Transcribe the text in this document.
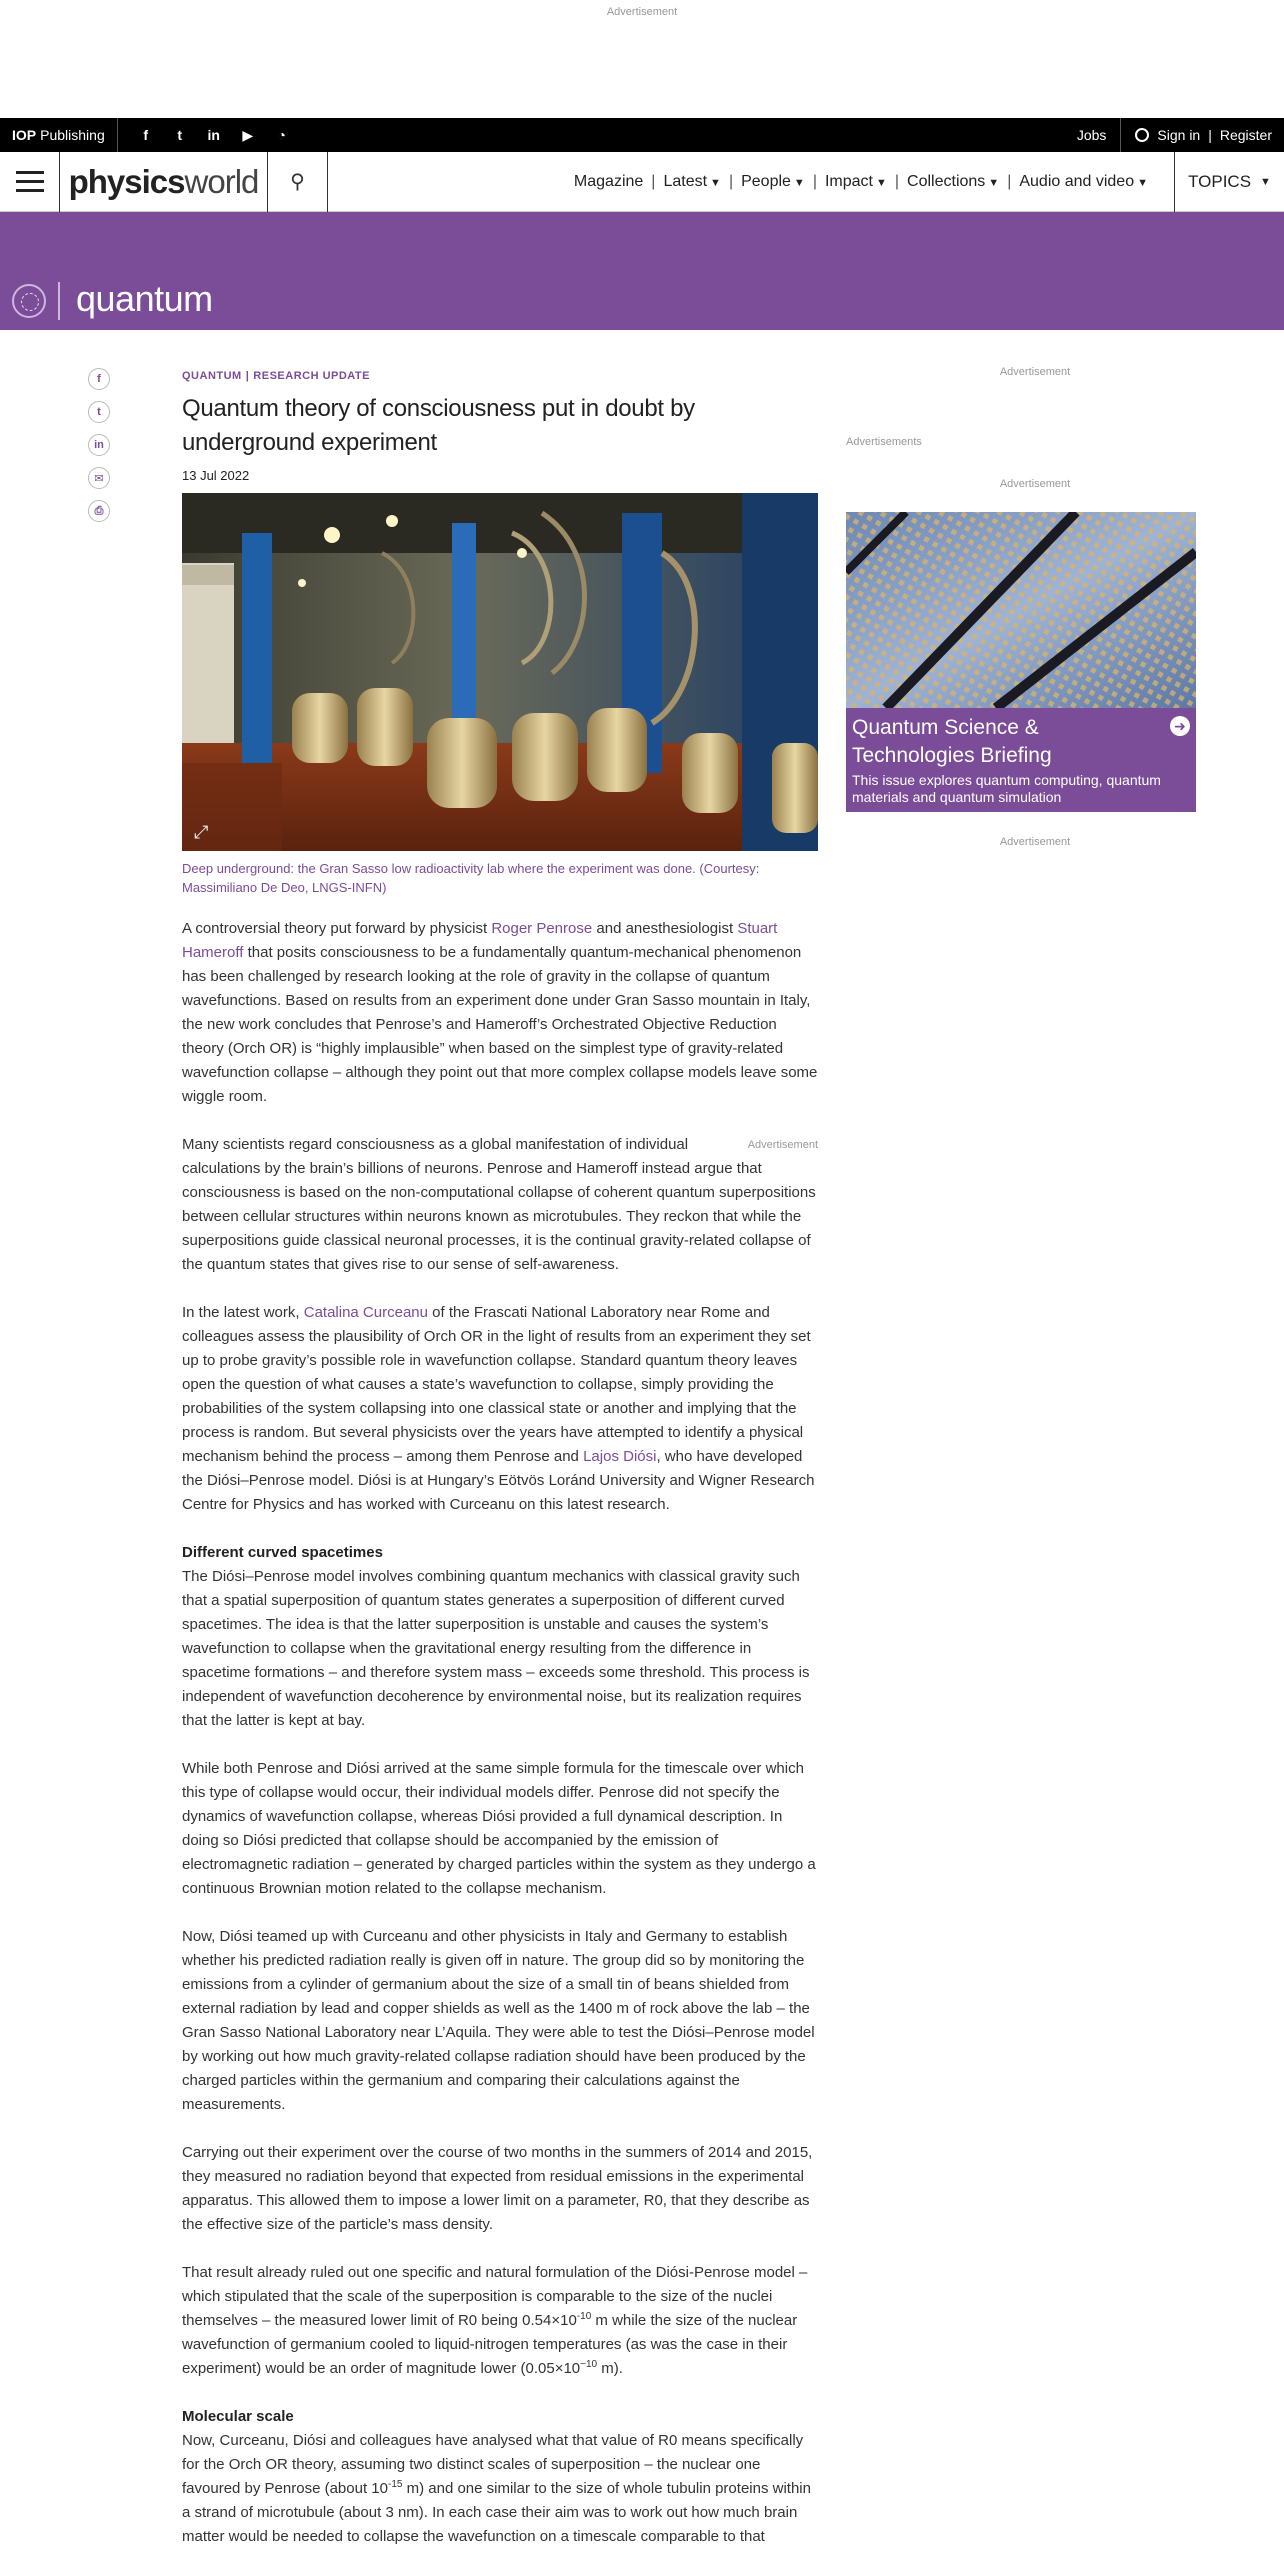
Advertisement
IOP Publishing	f	t	in ▶ ◔	Jobs	Sign in | Register
physics world	⚲	Magazine | Latest ▼ | People ▼ | Impact ▼ | Collections ▼ | Audio and video ▼	TOPICS ▼
quantum
f
t
in
✉
⎙
QUANTUM | RESEARCH UPDATE
Quantum theory of consciousness put in doubt by underground experiment
13 Jul 2022
⤢
Deep underground: the Gran Sasso low radioactivity lab where the experiment was done. (Courtesy: Massimiliano De Deo, LNGS-INFN)

A controversial theory put forward by physicist Roger Penrose and anesthesiologist Stuart Hameroff that posits consciousness to be a fundamentally quantum-mechanical phenomenon has been challenged by research looking at the role of gravity in the collapse of quantum wavefunctions. Based on results from an experiment done under Gran Sasso mountain in Italy, the new work concludes that Penrose’s and Hameroff’s Orchestrated Objective Reduction theory (Orch OR) is “highly implausible” when based on the simplest type of gravity-related wavefunction collapse – although they point out that more complex collapse models leave some wiggle room.

Advertisement
Many scientists regard consciousness as a global manifestation of individual calculations by the brain’s billions of neurons. Penrose and Hameroff instead argue that consciousness is based on the non-computational collapse of coherent quantum superpositions between cellular structures within neurons known as microtubules. They reckon that while the superpositions guide classical neuronal processes, it is the continual gravity-related collapse of the quantum states that gives rise to our sense of self-awareness.

In the latest work, Catalina Curceanu of the Frascati National Laboratory near Rome and colleagues assess the plausibility of Orch OR in the light of results from an experiment they set up to probe gravity’s possible role in wavefunction collapse. Standard quantum theory leaves open the question of what causes a state’s wavefunction to collapse, simply providing the probabilities of the system collapsing into one classical state or another and implying that the process is random. But several physicists over the years have attempted to identify a physical mechanism behind the process – among them Penrose and Lajos Diósi, who have developed the Diósi–Penrose model. Diósi is at Hungary’s Eötvös Loránd University and Wigner Research Centre for Physics and has worked with Curceanu on this latest research.

Different curved spacetimes

The Diósi–Penrose model involves combining quantum mechanics with classical gravity such that a spatial superposition of quantum states generates a superposition of different curved spacetimes. The idea is that the latter superposition is unstable and causes the system’s wavefunction to collapse when the gravitational energy resulting from the difference in spacetime formations – and therefore system mass – exceeds some threshold. This process is independent of wavefunction decoherence by environmental noise, but its realization requires that the latter is kept at bay.

While both Penrose and Diósi arrived at the same simple formula for the timescale over which this type of collapse would occur, their individual models differ. Penrose did not specify the dynamics of wavefunction collapse, whereas Diósi provided a full dynamical description. In doing so Diósi predicted that collapse should be accompanied by the emission of electromagnetic radiation – generated by charged particles within the system as they undergo a continuous Brownian motion related to the collapse mechanism.

Now, Diósi teamed up with Curceanu and other physicists in Italy and Germany to establish whether his predicted radiation really is given off in nature. The group did so by monitoring the emissions from a cylinder of germanium about the size of a small tin of beans shielded from external radiation by lead and copper shields as well as the 1400 m of rock above the lab – the Gran Sasso National Laboratory near L’Aquila. They were able to test the Diósi–Penrose model by working out how much gravity-related collapse radiation should have been produced by the charged particles within the germanium and comparing their calculations against the measurements.

Carrying out their experiment over the course of two months in the summers of 2014 and 2015, they measured no radiation beyond that expected from residual emissions in the experimental apparatus. This allowed them to impose a lower limit on a parameter, R0, that they describe as the effective size of the particle’s mass density.

That result already ruled out one specific and natural formulation of the Diósi-Penrose model – which stipulated that the scale of the superposition is comparable to the size of the nuclei themselves – the measured lower limit of R0 being $0.54\times 10^{-10}$ m while the size of the nuclear wavefunction of germanium cooled to liquid-nitrogen temperatures (as was the case in their experiment) would be an order of magnitude lower ($0.05\times 10^{-10}$ m).

Molecular scale

Now, Curceanu, Diósi and colleagues have analysed what that value of R0 means specifically for the Orch OR theory, assuming two distinct scales of superposition – the nuclear one favoured by Penrose (about $10^{-15}$ m) and one similar to the size of whole tubulin proteins within a strand of microtubule (about 3 nm). In each case their aim was to work out how much brain matter would be needed to collapse the wavefunction on a timescale comparable to that

Advertisement
Advertisements
Advertisement
Quantum Science & Technologies Briefing
This issue explores quantum computing, quantum materials and quantum simulation
➜
Advertisement
